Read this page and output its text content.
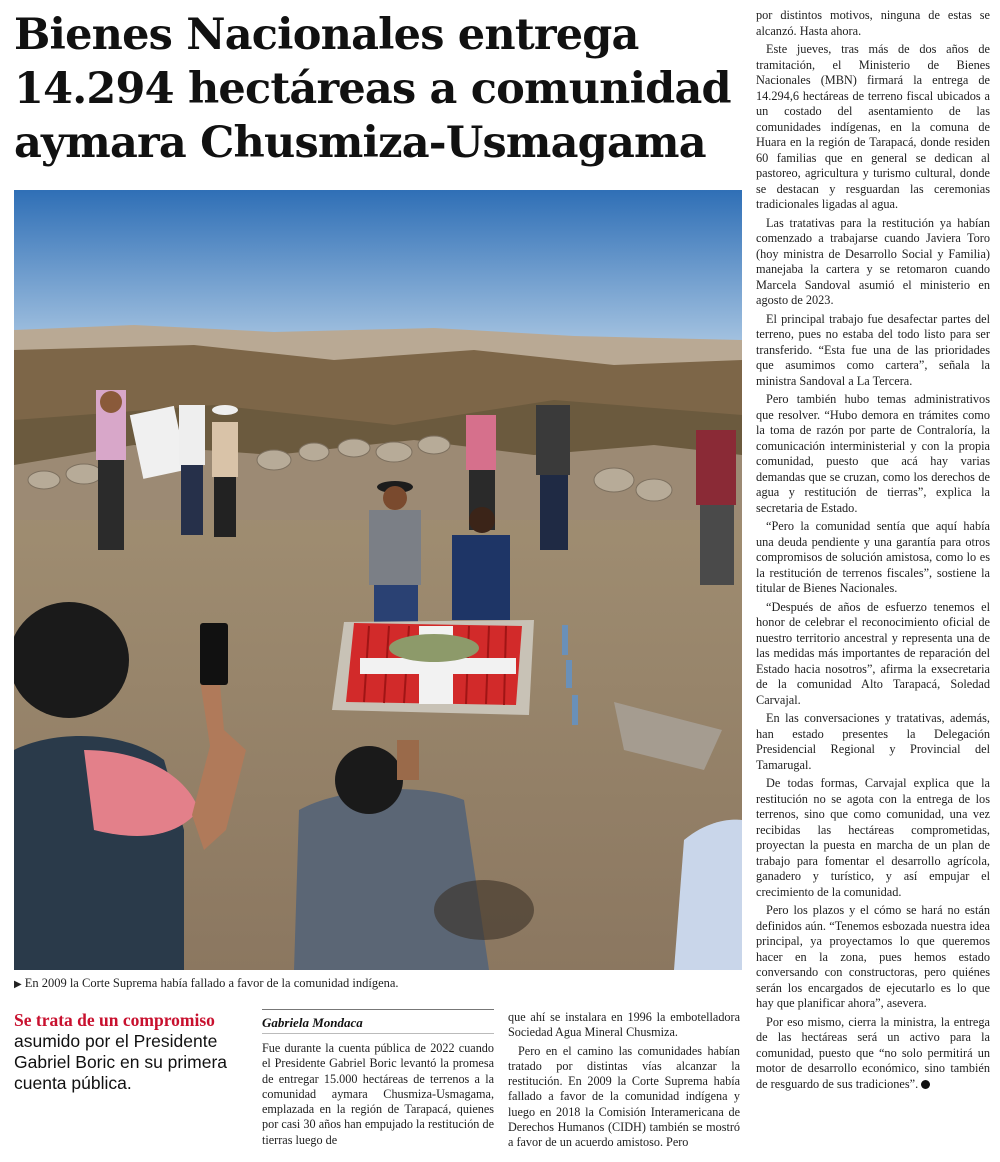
Bienes Nacionales entrega 14.294 hectáreas a comunidad aymara Chusmiza-Usmagama
▶ En 2009 la Corte Suprema había fallado a favor de la comunidad indígena.
Se trata de un compromiso asumido por el Presidente Gabriel Boric en su primera cuenta pública.
Gabriela Mondaca

Fue durante la cuenta pública de 2022 cuando el Presidente Gabriel Boric levantó la promesa de entregar 15.000 hectáreas de terrenos a la comunidad aymara Chusmiza-Usmagama, emplazada en la región de Tarapacá, quienes por casi 30 años han empujado la restitución de tierras luego de

que ahí se instalara en 1996 la embotelladora Sociedad Agua Mineral Chusmiza.

Pero en el camino las comunidades habían tratado por distintas vías alcanzar la restitución. En 2009 la Corte Suprema había fallado a favor de la comunidad indígena y luego en 2018 la Comisión Interamericana de Derechos Humanos (CIDH) también se mostró a favor de un acuerdo amistoso. Pero

por distintos motivos, ninguna de estas se alcanzó. Hasta ahora.

Este jueves, tras más de dos años de tramitación, el Ministerio de Bienes Nacionales (MBN) firmará la entrega de 14.294,6 hectáreas de terreno fiscal ubicados a un costado del asentamiento de las comunidades indígenas, en la comuna de Huara en la región de Tarapacá, donde residen 60 familias que en general se dedican al pastoreo, agricultura y turismo cultural, donde se destacan y resguardan las ceremonias tradicionales ligadas al agua.

Las tratativas para la restitución ya habían comenzado a trabajarse cuando Javiera Toro (hoy ministra de Desarrollo Social y Familia) manejaba la cartera y se retomaron cuando Marcela Sandoval asumió el ministerio en agosto de 2023.

El principal trabajo fue desafectar partes del terreno, pues no estaba del todo listo para ser transferido. “Esta fue una de las prioridades que asumimos como cartera”, señala la ministra Sandoval a La Tercera.

Pero también hubo temas administrativos que resolver. “Hubo demora en trámites como la toma de razón por parte de Contraloría, la comunicación interministerial y con la propia comunidad, puesto que acá hay varias demandas que se cruzan, como los derechos de agua y restitución de tierras”, explica la secretaria de Estado.

“Pero la comunidad sentía que aquí había una deuda pendiente y una garantía para otros compromisos de solución amistosa, como lo es la restitución de terrenos fiscales”, sostiene la titular de Bienes Nacionales.

“Después de años de esfuerzo tenemos el honor de celebrar el reconocimiento oficial de nuestro territorio ancestral y representa una de las medidas más importantes de reparación del Estado hacia nosotros”, afirma la exsecretaria de la comunidad Alto Tarapacá, Soledad Carvajal.

En las conversaciones y tratativas, además, han estado presentes la Delegación Presidencial Regional y Provincial del Tamarugal.

De todas formas, Carvajal explica que la restitución no se agota con la entrega de los terrenos, sino que como comunidad, una vez recibidas las hectáreas comprometidas, proyectan la puesta en marcha de un plan de trabajo para fomentar el desarrollo agrícola, ganadero y turístico, y así empujar el crecimiento de la comunidad.

Pero los plazos y el cómo se hará no están definidos aún. “Tenemos esbozada nuestra idea principal, ya proyectamos lo que queremos hacer en la zona, pues hemos estado conversando con constructoras, pero quiénes serán los encargados de ejecutarlo es lo que hay que planificar ahora”, asevera.

Por eso mismo, cierra la ministra, la entrega de las hectáreas será un activo para la comunidad, puesto que “no solo permitirá un motor de desarrollo económico, sino también de resguardo de sus tradiciones”.
